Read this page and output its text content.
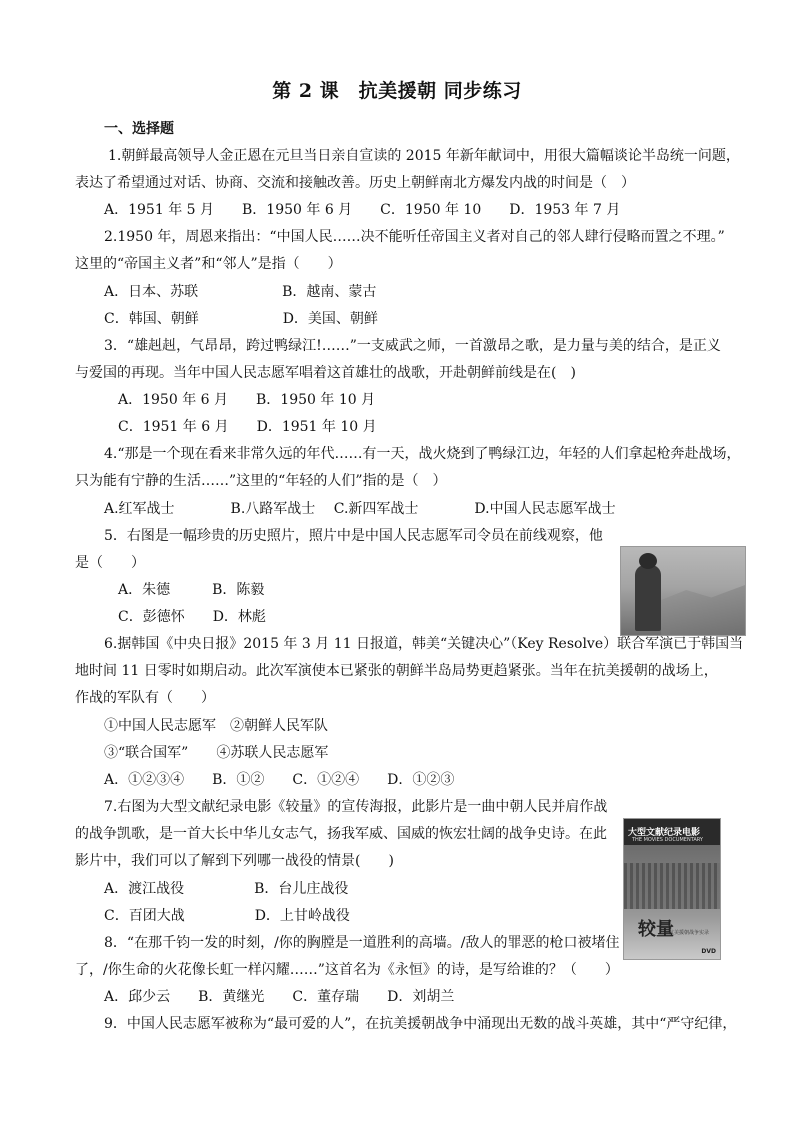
第 2 课　抗美援朝 同步练习
一、选择题
1.朝鲜最高领导人金正恩在元旦当日亲自宣读的 2015 年新年献词中，用很大篇幅谈论半岛统一问题，
表达了希望通过对话、协商、交流和接触改善。历史上朝鲜南北方爆发内战的时间是（　）
A．1951 年 5 月　　B．1950 年 6 月　　C．1950 年 10　　D．1953 年 7 月
2.1950 年，周恩来指出：“中国人民……决不能听任帝国主义者对自己的邻人肆行侵略而置之不理。”
这里的“帝国主义者”和“邻人”是指（　　）
A．日本、苏联　　　　　　B．越南、蒙古
C．韩国、朝鲜　　　　　　D．美国、朝鲜
3．“雄赳赳，气昂昂，跨过鸭绿江!……”一支威武之师，一首激昂之歌，是力量与美的结合，是正义
与爱国的再现。当年中国人民志愿军唱着这首雄壮的战歌，开赴朝鲜前线是在(　)
A．1950 年 6 月　　B．1950 年 10 月
C．1951 年 6 月　　D．1951 年 10 月
4.“那是一个现在看来非常久远的年代……有一天，战火烧到了鸭绿江边，年轻的人们拿起枪奔赴战场，
只为能有宁静的生活……”这里的“年轻的人们”指的是（　）
A.红军战士　　　　B.八路军战士　 C.新四军战士　　　　D.中国人民志愿军战士
5．右图是一幅珍贵的历史照片，照片中是中国人民志愿军司令员在前线观察，他
是（　　）
A．朱德　　　B．陈毅
C．彭德怀　　D．林彪
6.据韩国《中央日报》2015 年 3 月 11 日报道，韩美“关键决心”（Key Resolve）联合军演已于韩国当
地时间 11 日零时如期启动。此次军演使本已紧张的朝鲜半岛局势更趋紧张。当年在抗美援朝的战场上，
作战的军队有（　　）
①中国人民志愿军　②朝鲜人民军队
③“联合国军”　　④苏联人民志愿军
A．①②③④　　B．①②　　C．①②④　　D．①②③
7.右图为大型文献纪录电影《较量》的宣传海报，此影片是一曲中朝人民并肩作战
的战争凯歌，是一首大长中华儿女志气，扬我军威、国威的恢宏壮阔的战争史诗。在此
影片中，我们可以了解到下列哪一战役的情景(　　)
A．渡江战役　　　　　B．台儿庄战役
C．百团大战　　　　　D．上甘岭战役
大型文献纪录电影
THE MOVIES DOCUMENTARY
较量
—抗美援朝战争实录
DVD
8．“在那千钧一发的时刻，/你的胸膛是一道胜利的高墙。/敌人的罪恶的枪口被堵住
了，/你生命的火花像长虹一样闪耀……”这首名为《永恒》的诗，是写给谁的？（　　）
A．邱少云　　B．黄继光　　C．董存瑞　　D．刘胡兰
9．中国人民志愿军被称为“最可爱的人”，在抗美援朝战争中涌现出无数的战斗英雄，其中“严守纪律，
